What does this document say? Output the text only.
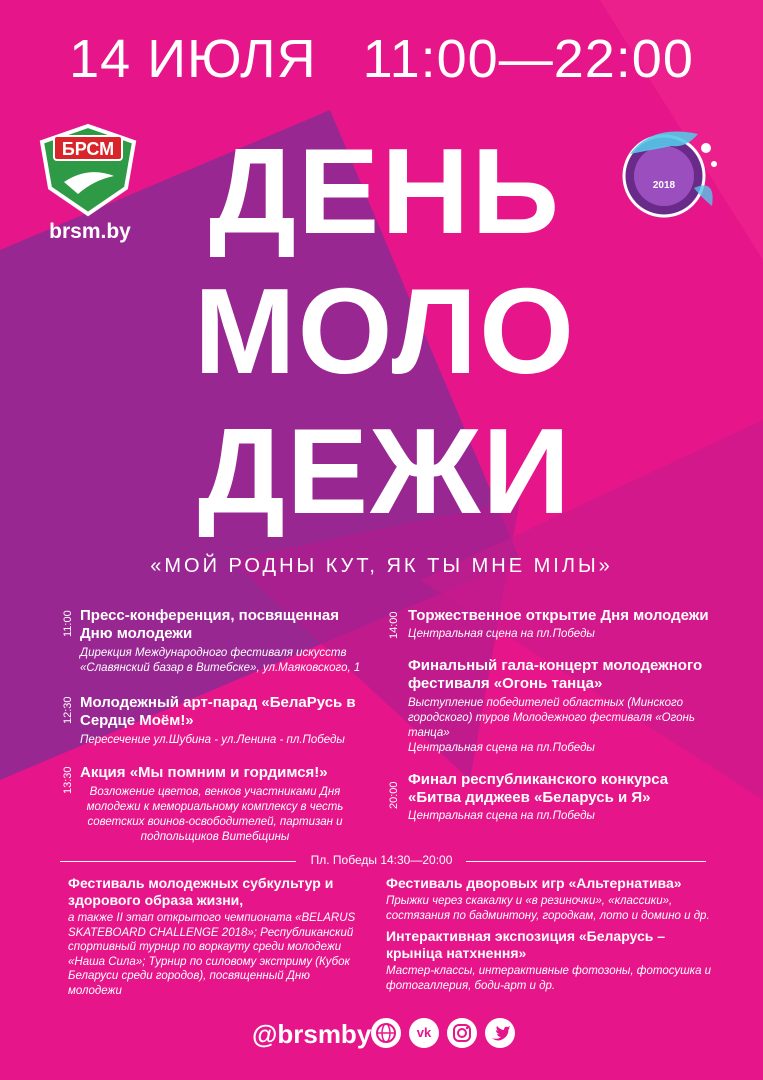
14 ИЮЛЯ 11:00—22:00
БРСМ
brsm.by
2018
ДЕНЬ
МОЛО
ДЕЖИ
«МОЙ РОДНЫ КУТ, ЯК ТЫ МНЕ МІЛЫ»
11:00 Пресс-конференция, посвященная Дню молодежи
Дирекция Международного фестиваля искусств «Славянский базар в Витебске», ул.Маяковского, 1
12:30 Молодежный арт-парад «БелаРусь в Сердце Моём!»
Пересечение ул.Шубина - ул.Ленина - пл.Победы
13:30 Акция «Мы помним и гордимся!»
Возложение цветов, венков участниками Дня молодежи к мемориальному комплексу в честь советских воинов-освободителей, партизан и подпольщиков Витебщины
14:00 Торжественное открытие Дня молодежи
Центральная сцена на пл.Победы
Финальный гала-концерт молодежного фестиваля «Огонь танца»
Выступление победителей областных (Минского городского) туров Молодежного фестиваля «Огонь танца»
Центральная сцена на пл.Победы
20:00
Финал республиканского конкурса «Битва диджеев «Беларусь и Я»
Центральная сцена на пл.Победы
Пл. Победы 14:30—20:00
Фестиваль молодежных субкультур и здорового образа жизни,
а также II этап открытого чемпионата «BELARUS SKATEBOARD CHALLENGE 2018»; Республиканский спортивный турнир по воркауту среди молодежи «Наша Сила»; Турнир по силовому экстриму (Кубок Беларуси среди городов), посвященный Дню молодежи
Фестиваль дворовых игр «Альтернатива»
Прыжки через скакалку и «в резиночки», «классики», состязания по бадминтону, городкам, лото и домино и др.
Интерактивная экспозиция «Беларусь – крыніца натхнення»
Мастер-классы, интерактивные фотозоны, фотосушка и фотогаллерия, боди-арт и др.
@brsmby	vk
